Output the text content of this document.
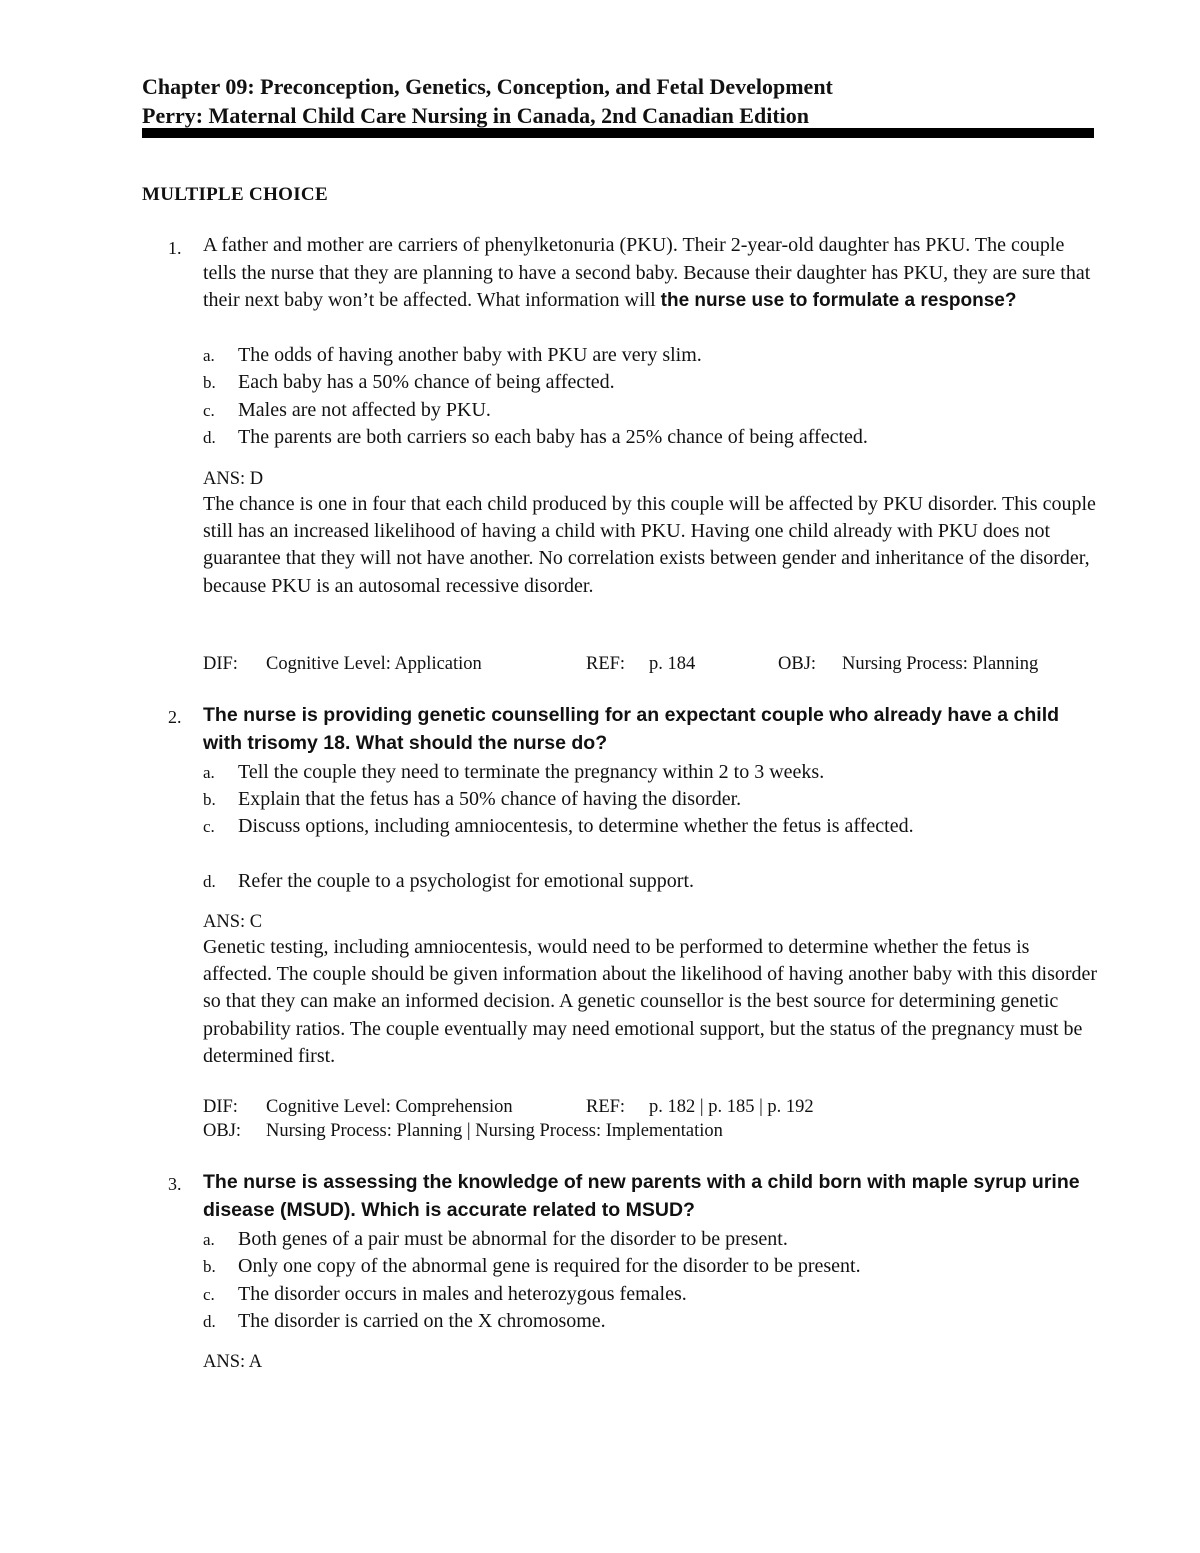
Chapter 09: Preconception, Genetics, Conception, and Fetal Development
Perry: Maternal Child Care Nursing in Canada, 2nd Canadian Edition
MULTIPLE CHOICE
1. A father and mother are carriers of phenylketonuria (PKU). Their 2-year-old daughter has PKU. The couple tells the nurse that they are planning to have a second baby. Because their daughter has PKU, they are sure that their next baby won’t be affected. What information will the nurse use to formulate a response?
a. The odds of having another baby with PKU are very slim.
b. Each baby has a 50% chance of being affected.
c. Males are not affected by PKU.
d. The parents are both carriers so each baby has a 25% chance of being affected.
ANS: D
The chance is one in four that each child produced by this couple will be affected by PKU disorder. This couple still has an increased likelihood of having a child with PKU. Having one child already with PKU does not guarantee that they will not have another. No correlation exists between gender and inheritance of the disorder, because PKU is an autosomal recessive disorder.
DIF: Cognitive Level: Application	REF: p. 184	OBJ: Nursing Process: Planning
2. The nurse is providing genetic counselling for an expectant couple who already have a child with trisomy 18. What should the nurse do?
a. Tell the couple they need to terminate the pregnancy within 2 to 3 weeks.
b. Explain that the fetus has a 50% chance of having the disorder.
c. Discuss options, including amniocentesis, to determine whether the fetus is affected.
d. Refer the couple to a psychologist for emotional support.
ANS: C
Genetic testing, including amniocentesis, would need to be performed to determine whether the fetus is affected. The couple should be given information about the likelihood of having another baby with this disorder so that they can make an informed decision. A genetic counsellor is the best source for determining genetic probability ratios. The couple eventually may need emotional support, but the status of the pregnancy must be determined first.
DIF: Cognitive Level: Comprehension	REF: p. 182 | p. 185 | p. 192
OBJ: Nursing Process: Planning | Nursing Process: Implementation
3. The nurse is assessing the knowledge of new parents with a child born with maple syrup urine disease (MSUD). Which is accurate related to MSUD?
a. Both genes of a pair must be abnormal for the disorder to be present.
b. Only one copy of the abnormal gene is required for the disorder to be present.
c. The disorder occurs in males and heterozygous females.
d. The disorder is carried on the X chromosome.
ANS: A
